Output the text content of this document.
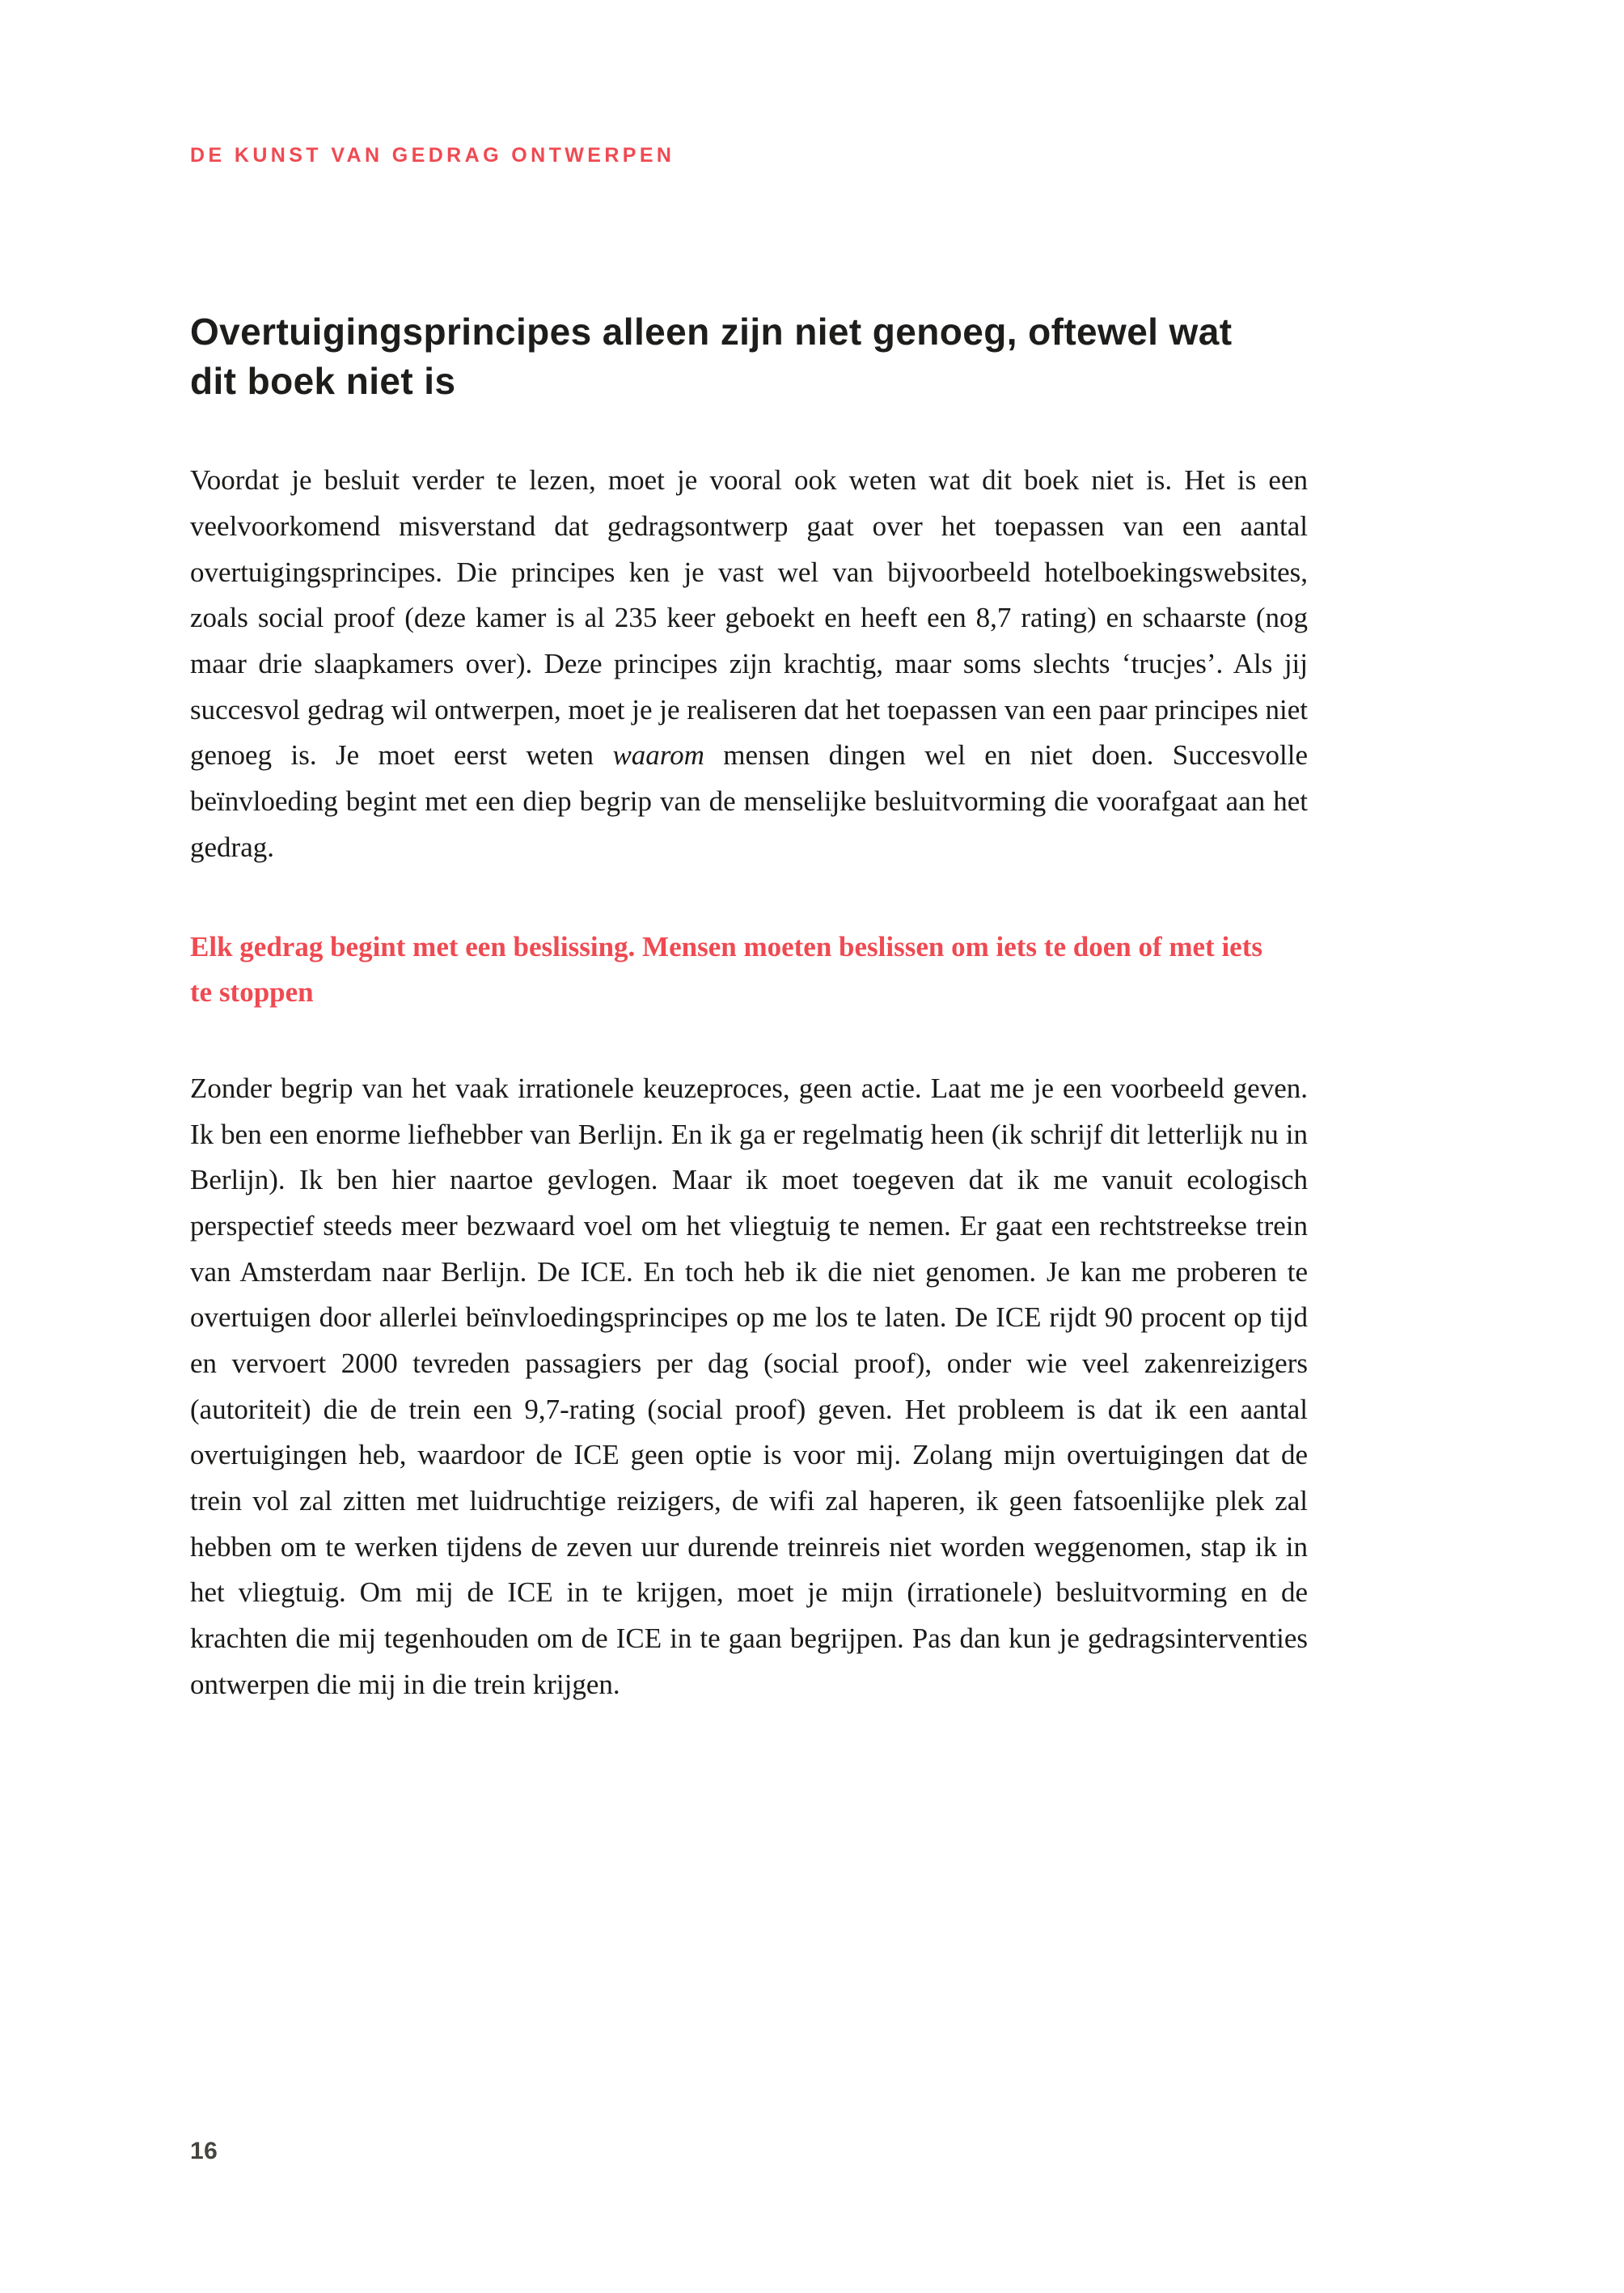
DE KUNST VAN GEDRAG ONTWERPEN
Overtuigingsprincipes alleen zijn niet genoeg, oftewel wat dit boek niet is

Voordat je besluit verder te lezen, moet je vooral ook weten wat dit boek niet is. Het is een veelvoorkomend misverstand dat gedragsontwerp gaat over het toepassen van een aantal overtuigingsprincipes. Die principes ken je vast wel van bijvoorbeeld hotelboekingswebsites, zoals social proof (deze kamer is al 235 keer geboekt en heeft een 8,7 rating) en schaarste (nog maar drie slaapkamers over). Deze principes zijn krachtig, maar soms slechts ‘trucjes’. Als jij succesvol gedrag wil ontwerpen, moet je je realiseren dat het toepassen van een paar principes niet genoeg is. Je moet eerst weten waarom mensen dingen wel en niet doen. Succesvolle beïnvloeding begint met een diep begrip van de menselijke besluitvorming die voorafgaat aan het gedrag.

Elk gedrag begint met een beslissing. Mensen moeten beslissen om iets te doen of met iets te stoppen

Zonder begrip van het vaak irrationele keuzeproces, geen actie. Laat me je een voorbeeld geven. Ik ben een enorme liefhebber van Berlijn. En ik ga er regelmatig heen (ik schrijf dit letterlijk nu in Berlijn). Ik ben hier naartoe gevlogen. Maar ik moet toegeven dat ik me vanuit ecologisch perspectief steeds meer bezwaard voel om het vliegtuig te nemen. Er gaat een rechtstreekse trein van Amsterdam naar Berlijn. De ICE. En toch heb ik die niet genomen. Je kan me proberen te overtuigen door allerlei beïnvloedingsprincipes op me los te laten. De ICE rijdt 90 procent op tijd en vervoert 2000 tevreden passagiers per dag (social proof), onder wie veel zakenreizigers (autoriteit) die de trein een 9,7-rating (social proof) geven. Het probleem is dat ik een aantal overtuigingen heb, waardoor de ICE geen optie is voor mij. Zolang mijn overtuigingen dat de trein vol zal zitten met luidruchtige reizigers, de wifi zal haperen, ik geen fatsoenlijke plek zal hebben om te werken tijdens de zeven uur durende treinreis niet worden weggenomen, stap ik in het vliegtuig. Om mij de ICE in te krijgen, moet je mijn (irrationele) besluitvorming en de krachten die mij tegenhouden om de ICE in te gaan begrijpen. Pas dan kun je gedragsinterventies ontwerpen die mij in die trein krijgen.

16
